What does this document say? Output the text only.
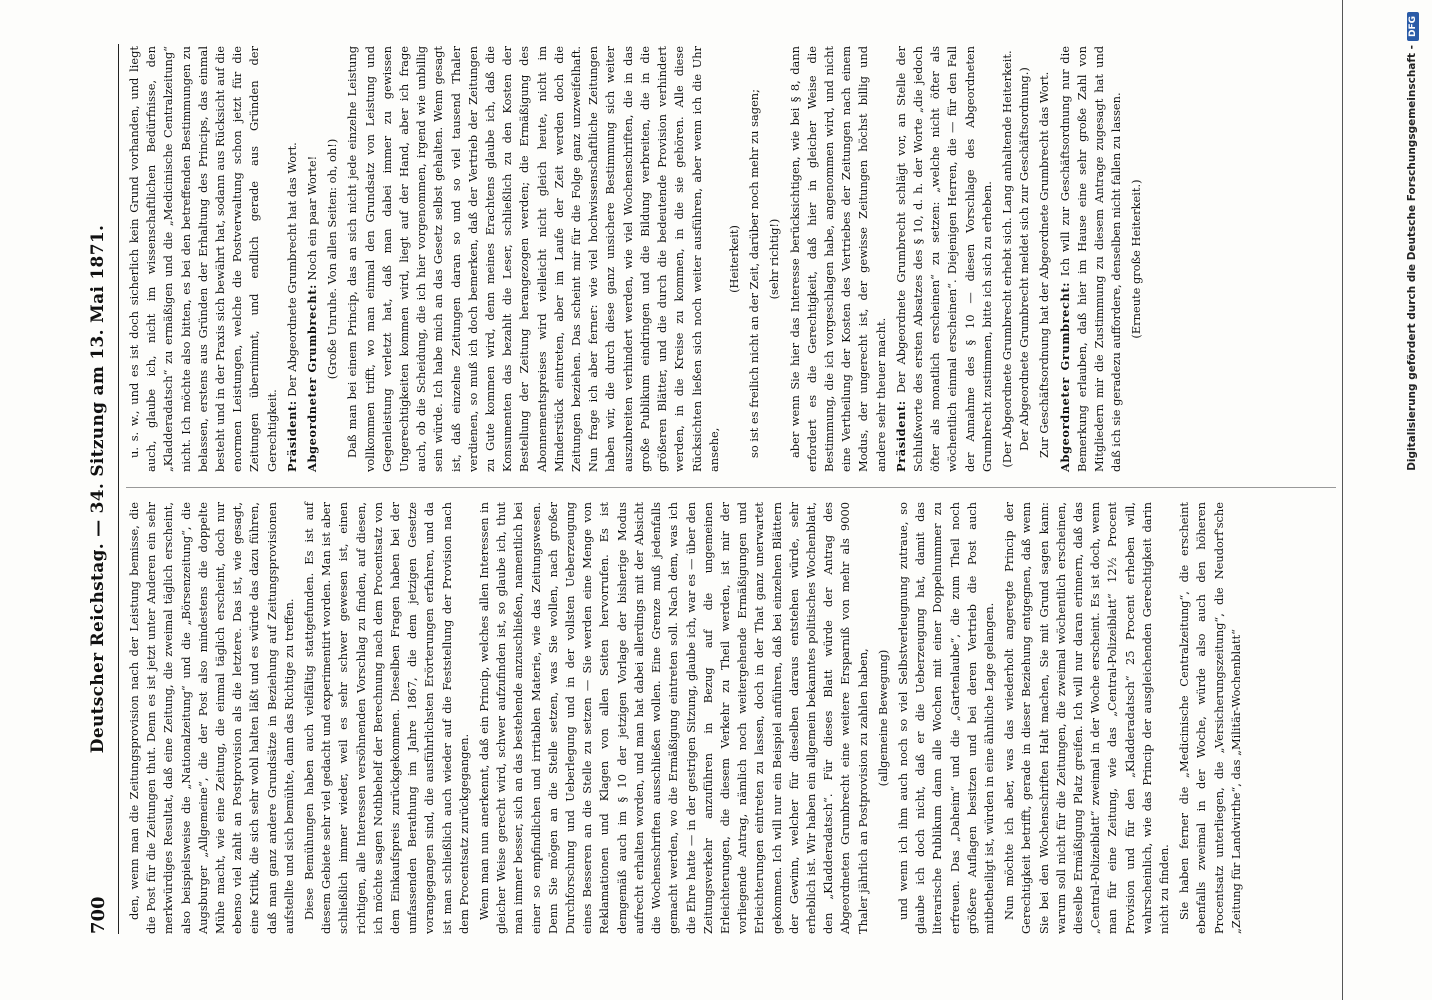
700
Deutscher Reichstag. — 34. Sitzung am 13. Mai 1871. den, wenn man die Zeitungsprovision nach der Leistung bemisse, die die Post für die Zeitungen thut. Denn es ist jetzt unter Anderen ein sehr merkwürdiges Resultat, daß eine Zeitung, die zweimal täglich erscheint, also beispielsweise die „Nationalzeitung“ und die „Börsenzeitung“, die Augsburger „Allgemeine“, die der Post also mindestens die doppelte Mühe macht, wie eine Zeitung, die einmal täglich erscheint, doch nur ebenso viel zahlt an Postprovision als die letztere. Das ist, wie gesagt, eine Kritik, die sich sehr wohl halten läßt und es würde das dazu führen, daß man ganz andere Grundsätze in Beziehung auf Zeitungsprovisionen aufstellte und sich bemühte, dann das Richtige zu treffen. Diese Bemühungen haben auch vielfältig stattgefunden. Es ist auf diesem Gebiete sehr viel gedacht und experimentirt worden. Man ist aber schließlich immer wieder, weil es sehr schwer gewesen ist, einen richtigen, alle Interessen versöhnenden Vorschlag zu finden, auf diesen, ich möchte sagen Nothbehelf der Berechnung nach dem Procentsatz von dem Einkaufspreis zurückgekommen. Dieselben Fragen haben bei der umfassenden Berathung im Jahre 1867, die dem jetzigen Gesetze vorangegangen sind, die ausführlichsten Erörterungen erfahren, und da ist man schließlich auch wieder auf die Feststellung der Provision nach dem Procentsatz zurückgegangen. Wenn man nun anerkennt, daß ein Princip, welches allen Interessen in gleicher Weise gerecht wird, schwer aufzufinden ist, so glaube ich, thut man immer besser, sich an das bestehende anzuschließen, namentlich bei einer so empfindlichen und irritablen Materie, wie das Zeitungswesen. Denn Sie mögen an die Stelle setzen, was Sie wollen, nach großer Durchforschung und Ueberlegung und in der vollsten Ueberzeugung eines Besseren an die Stelle zu setzen — Sie werden eine Menge von Reklamationen und Klagen von allen Seiten hervorrufen. Es ist demgemäß auch im § 10 der jetzigen Vorlage der bisherige Modus aufrecht erhalten worden, und man hat dabei allerdings mit der Absicht die Wochenschriften ausschließen wollen. Eine Grenze muß jedenfalls gemacht werden, wo die Ermäßigung eintreten soll. Nach dem, was ich die Ehre hatte — in der gestrigen Sitzung, glaube ich, war es — über den Zeitungsverkehr anzuführen in Bezug auf die ungemeinen Erleichterungen, die diesem Verkehr zu Theil werden, ist mir der vorliegende Antrag, nämlich noch weitergehende Ermäßigungen und Erleichterungen eintreten zu lassen, doch in der That ganz unerwartet gekommen. Ich will nur ein Beispiel anführen, daß bei einzelnen Blättern der Gewinn, welcher für dieselben daraus entstehen würde, sehr erheblich ist. Wir haben ein allgemein bekanntes politisches Wochenblatt, den „Kladderadatsch“. Für dieses Blatt würde der Antrag des Abgeordneten Grumbrecht eine weitere Ersparniß von mehr als 9000 Thaler jährlich an Postprovision zu zahlen haben, (allgemeine Bewegung) und wenn ich ihm auch noch so viel Selbstverleugnung zutraue, so glaube ich doch nicht, daß er die Ueberzeugung hat, damit das literarische Publikum dann alle Wochen mit einer Doppelnummer zu erfreuen. Das „Daheim“ und die „Gartenlaube“, die zum Theil noch größere Auflagen besitzen und bei deren Vertrieb die Post auch mitbetheiligt ist, würden in eine ähnliche Lage gelangen. Nun möchte ich aber, was das wiederholt angeregte Princip der Gerechtigkeit betrifft, gerade in dieser Beziehung entgegnen, daß wenn Sie bei den Wochenschriften Halt machen, Sie mit Grund sagen kann: warum soll nicht für die Zeitungen, die zweimal wöchentlich erscheinen, dieselbe Ermäßigung Platz greifen. Ich will nur daran erinnern, daß das „Central-Polizeiblatt“ zweimal in der Woche erscheint. Es ist doch, wenn man für eine Zeitung, wie das „Central-Polizeiblatt“ 12½ Procent Provision und für den „Kladderadatsch“ 25 Procent erheben will, wahrscheinlich, wie das Princip der ausgleichenden Gerechtigkeit darin nicht zu finden. Sie haben ferner die „Medicinische Centralzeitung“, die erscheint ebenfalls zweimal in der Woche, würde also auch den höheren Procentsatz unterliegen, die „Versicherungszeitung“, die Neudorf'sche „Zeitung für Landwirthe“, das „Militär-Wochenblatt“

u. s. w., und es ist doch sicherlich kein Grund vorhanden, und liegt auch, glaube ich, nicht im wissenschaftlichen Bedürfnisse, den „Kladderadatsch“ zu ermäßigen und die „Medicinische Centralzeitung“ nicht. Ich möchte also bitten, es bei den betreffenden Bestimmungen zu belassen, erstens aus Gründen der Erhaltung des Princips, das einmal besteht und in der Praxis sich bewährt hat, sodann aus Rücksicht auf die enormen Leistungen, welche die Postverwaltung schon jetzt für die Zeitungen übernimmt, und endlich gerade aus Gründen der Gerechtigkeit. Präsident: Der Abgeordnete Grumbrecht hat das Wort. Abgeordneter Grumbrecht: Noch ein paar Worte! (Große Unruhe. Von allen Seiten: oh, oh!) Daß man bei einem Princip, das an sich nicht jede einzelne Leistung vollkommen trifft, wo man einmal den Grundsatz von Leistung und Gegenleistung verletzt hat, daß man dabei immer zu gewissen Ungerechtigkeiten kommen wird, liegt auf der Hand, aber ich frage auch, ob die Scheidung, die ich hier vorgenommen, irgend wie unbillig sein würde. Ich habe mich an das Gesetz selbst gehalten. Wenn gesagt ist, daß einzelne Zeitungen daran so und so viel tausend Thaler verdienen, so muß ich doch bemerken, daß der Vertrieb der Zeitungen zu Gute kommen wird, denn meines Erachtens glaube ich, daß die Konsumenten das bezahlt die Leser, schließlich zu den Kosten der Bestellung der Zeitung herangezogen werden; die Ermäßigung des Abonnementspreises wird vielleicht nicht gleich heute, nicht im Minderstück eintreten, aber im Laufe der Zeit werden doch die Zeitungen beziehen. Das scheint mir für die Folge ganz unzweifelhaft. Nun frage ich aber ferner: wie viel hochwissenschaftliche Zeitungen haben wir, die durch diese ganz unsichere Bestimmung sich weiter auszubreiten verhindert werden, wie viel Wochenschriften, die in das große Publikum eindringen und die Bildung verbreiten, die in die größeren Blätter, und die durch die bedeutende Provision verhindert werden, in die Kreise zu kommen, in die sie gehören. Alle diese Rücksichten ließen sich noch weiter ausführen, aber wenn ich die Uhr ansehe,

(Heiterkeit) so ist es freilich nicht an der Zeit, darüber noch mehr zu sagen; (sehr richtig!) aber wenn Sie hier das Interesse berücksichtigen, wie bei § 8, dann erfordert es die Gerechtigkeit, daß hier in gleicher Weise die Bestimmung, die ich vorgeschlagen habe, angenommen wird, und nicht eine Vertheilung der Kosten des Vertriebes der Zeitungen nach einem Modus, der ungerecht ist, der gewisse Zeitungen höchst billig und andere sehr theuer macht. Präsident: Der Abgeordnete Grumbrecht schlägt vor, an Stelle der Schlußworte des ersten Absatzes des § 10, d. h. der Worte „die jedoch öfter als monatlich erscheinen“ zu setzen: „welche nicht öfter als wöchentlich einmal erscheinen“. Diejenigen Herren, die — für den Fall der Annahme des § 10 — diesen Vorschlage des Abgeordneten Grumbrecht zustimmen, bitte ich sich zu erheben. (Der Abgeordnete Grumbrecht erhebt sich. Lang anhaltende Heiterkeit. Der Abgeordnete Grumbrecht meldet sich zur Geschäftsordnung.) Zur Geschäftsordnung hat der Abgeordnete Grumbrecht das Wort. Abgeordneter Grumbrecht: Ich will zur Geschäftsordnung nur die Bemerkung erlauben, daß hier im Hause eine sehr große Zahl von Mitgliedern mir die Zustimmung zu diesem Antrage zugesagt hat und daß ich sie geradezu auffordere, denselben nicht fallen zu lassen. (Erneute große Heiterkeit.)	Digitalisierung gefördert durch die Deutsche Forschungsgemeinschaft -DFG
